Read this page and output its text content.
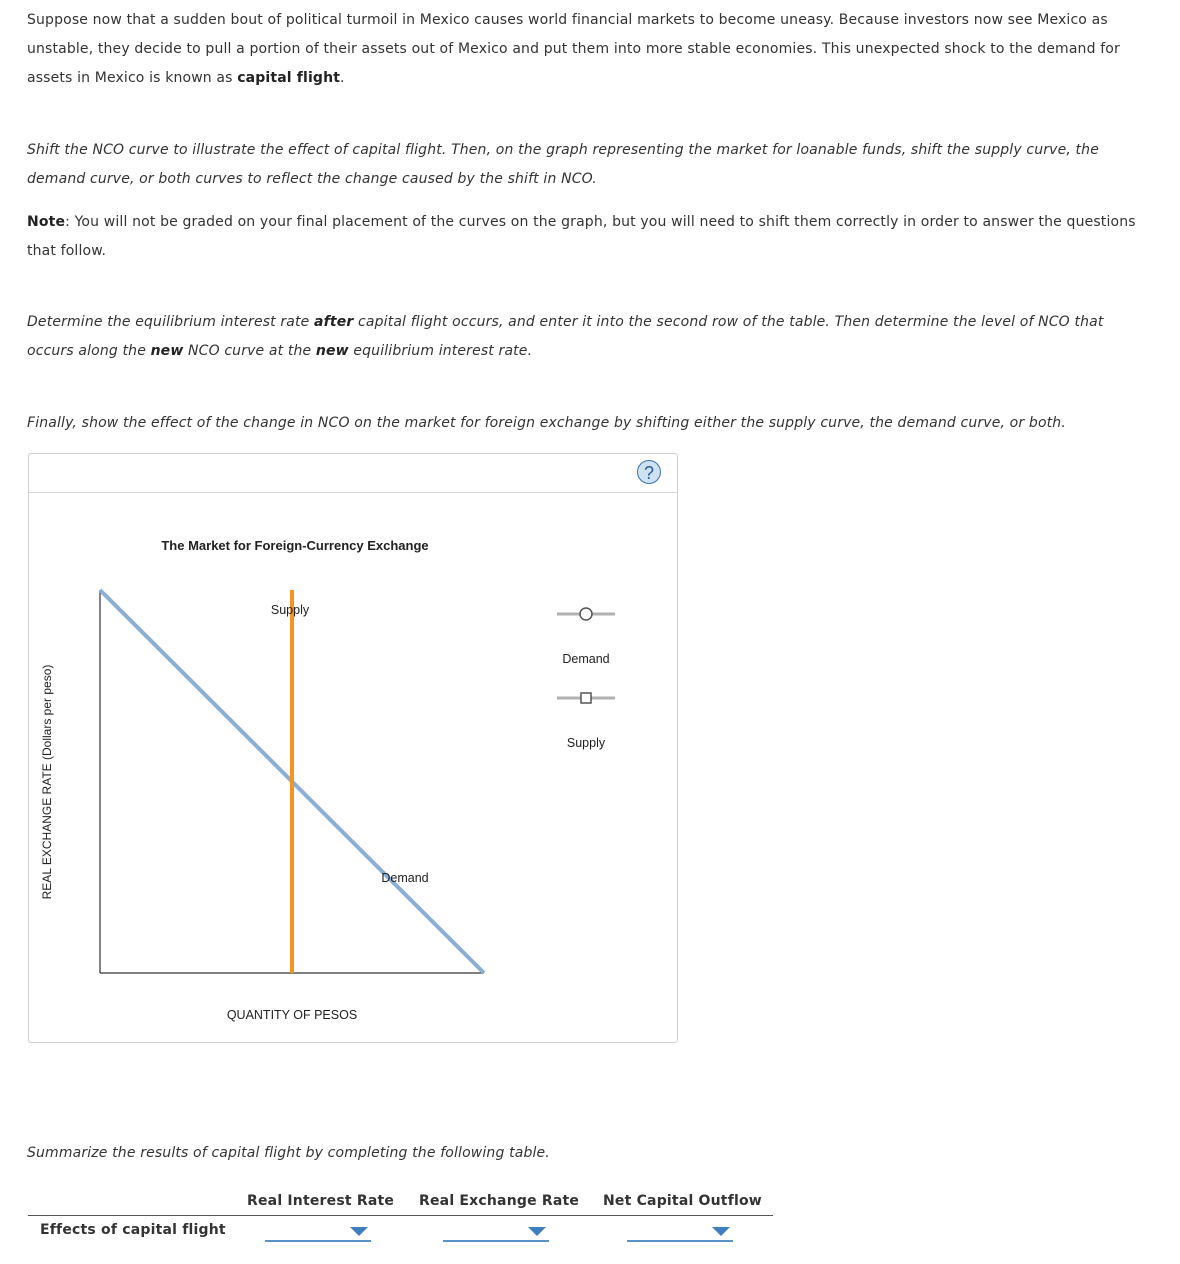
Suppose now that a sudden bout of political turmoil in Mexico causes world financial markets to become uneasy. Because investors now see Mexico as unstable, they decide to pull a portion of their assets out of Mexico and put them into more stable economies. This unexpected shock to the demand for assets in Mexico is known as capital flight.
Shift the NCO curve to illustrate the effect of capital flight. Then, on the graph representing the market for loanable funds, shift the supply curve, the demand curve, or both curves to reflect the change caused by the shift in NCO.
Note: You will not be graded on your final placement of the curves on the graph, but you will need to shift them correctly in order to answer the questions that follow.
Determine the equilibrium interest rate after capital flight occurs, and enter it into the second row of the table. Then determine the level of NCO that occurs along the new NCO curve at the new equilibrium interest rate.
Finally, show the effect of the change in NCO on the market for foreign exchange by shifting either the supply curve, the demand curve, or both.
?
The Market for Foreign-Currency Exchange
REAL EXCHANGE RATE (Dollars per peso)
QUANTITY OF PESOS
Supply
Demand
Demand
Supply
Summarize the results of capital flight by completing the following table.
Real Interest Rate Real Exchange Rate Net Capital Outflow
Effects of capital flight
